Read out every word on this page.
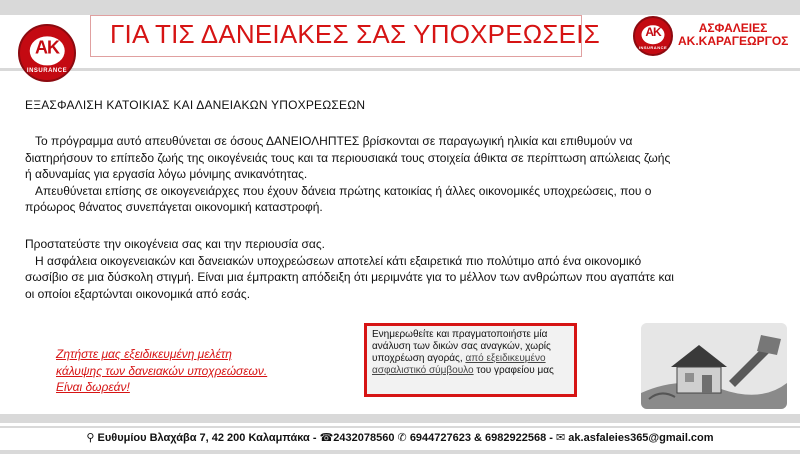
AK
INSURANCE
ΓΙΑ ΤΙΣ ΔΑΝΕΙΑΚΕΣ ΣΑΣ ΥΠΟΧΡΕΩΣΕΙΣ	AK
INSURANCE
ΑΣΦΑΛΕΙΕΣ
ΑΚ.ΚΑΡΑΓΕΩΡΓΟΣ
ΕΞΑΣΦΑΛΙΣΗ ΚΑΤΟΙΚΙΑΣ ΚΑΙ ΔΑΝΕΙΑΚΩΝ ΥΠΟΧΡΕΩΣΕΩΝ

Το πρόγραμμα αυτό απευθύνεται σε όσους ΔΑΝΕΙΟΛΗΠΤΕΣ βρίσκονται σε παραγωγική ηλικία και επιθυμούν να διατηρήσουν το επίπεδο ζωής της οικογένειάς τους και τα περιουσιακά τους στοιχεία άθικτα σε περίπτωση απώλειας ζωής ή αδυναμίας για εργασία λόγω μόνιμης ανικανότητας.
Απευθύνεται επίσης σε οικογενειάρχες που έχουν δάνεια πρώτης κατοικίας ή άλλες οικονομικές υποχρεώσεις, που ο πρόωρος θάνατος συνεπάγεται οικονομική καταστροφή.

Προστατεύστε την οικογένεια σας και την περιουσία σας.
Η ασφάλεια οικογενειακών και δανειακών υποχρεώσεων αποτελεί κάτι εξαιρετικά πιο πολύτιμο από ένα οικονομικό σωσίβιο σε μια δύσκολη στιγμή. Είναι μια έμπρακτη απόδειξη ότι μεριμνάτε για το μέλλον των ανθρώπων που αγαπάτε και οι οποίοι εξαρτώνται οικονομικά από εσάς.

Ζητήστε μας εξειδικευμένη μελέτη
κάλυψης των δανειακών υποχρεώσεων.
Είναι δωρεάν!
Ενημερωθείτε και πραγματοποιήστε μία ανάλυση των δικών σας αναγκών, χωρίς υποχρέωση αγοράς, από εξειδικευμένο ασφαλιστικό σύμβουλο του γραφείου μας
⚲ Ευθυμίου Βλαχάβα 7, 42 200 Καλαμπάκα - ☎2432078560 ✆ 6944727623 & 6982922568 - ✉ ak.asfaleies365@gmail.com
